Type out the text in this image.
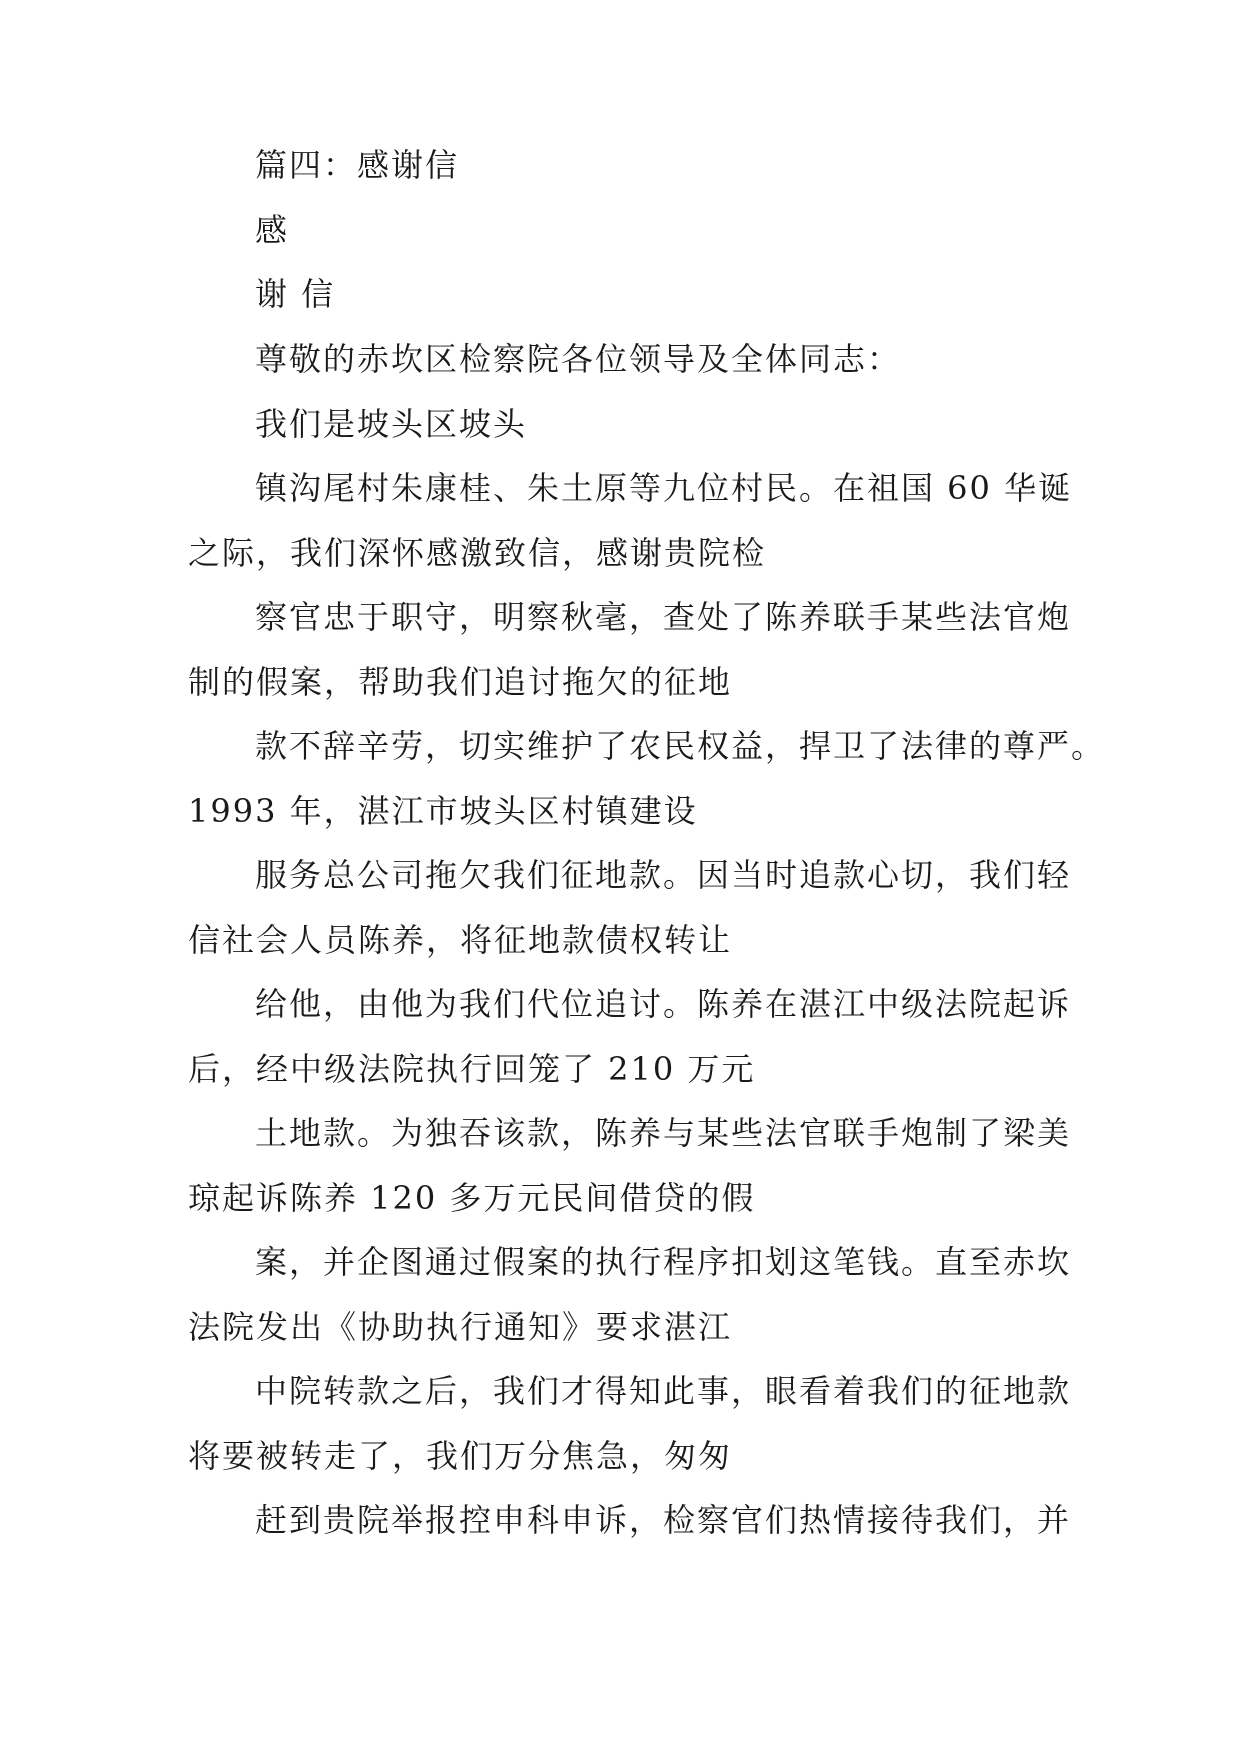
篇四：感谢信
感
谢 信
尊敬的赤坎区检察院各位领导及全体同志：
我们是坡头区坡头
镇沟尾村朱康桂、朱土原等九位村民。在祖国 60 华诞
之际，我们深怀感激致信，感谢贵院检
察官忠于职守，明察秋毫，查处了陈养联手某些法官炮
制的假案，帮助我们追讨拖欠的征地
款不辞辛劳，切实维护了农民权益，捍卫了法律的尊严。
1993 年，湛江市坡头区村镇建设
服务总公司拖欠我们征地款。因当时追款心切，我们轻
信社会人员陈养，将征地款债权转让
给他，由他为我们代位追讨。陈养在湛江中级法院起诉
后，经中级法院执行回笼了 210 万元
土地款。为独吞该款，陈养与某些法官联手炮制了梁美
琼起诉陈养 120 多万元民间借贷的假
案，并企图通过假案的执行程序扣划这笔钱。直至赤坎
法院发出《协助执行通知》要求湛江
中院转款之后，我们才得知此事，眼看着我们的征地款
将要被转走了，我们万分焦急，匆匆
赶到贵院举报控申科申诉，检察官们热情接待我们，并
